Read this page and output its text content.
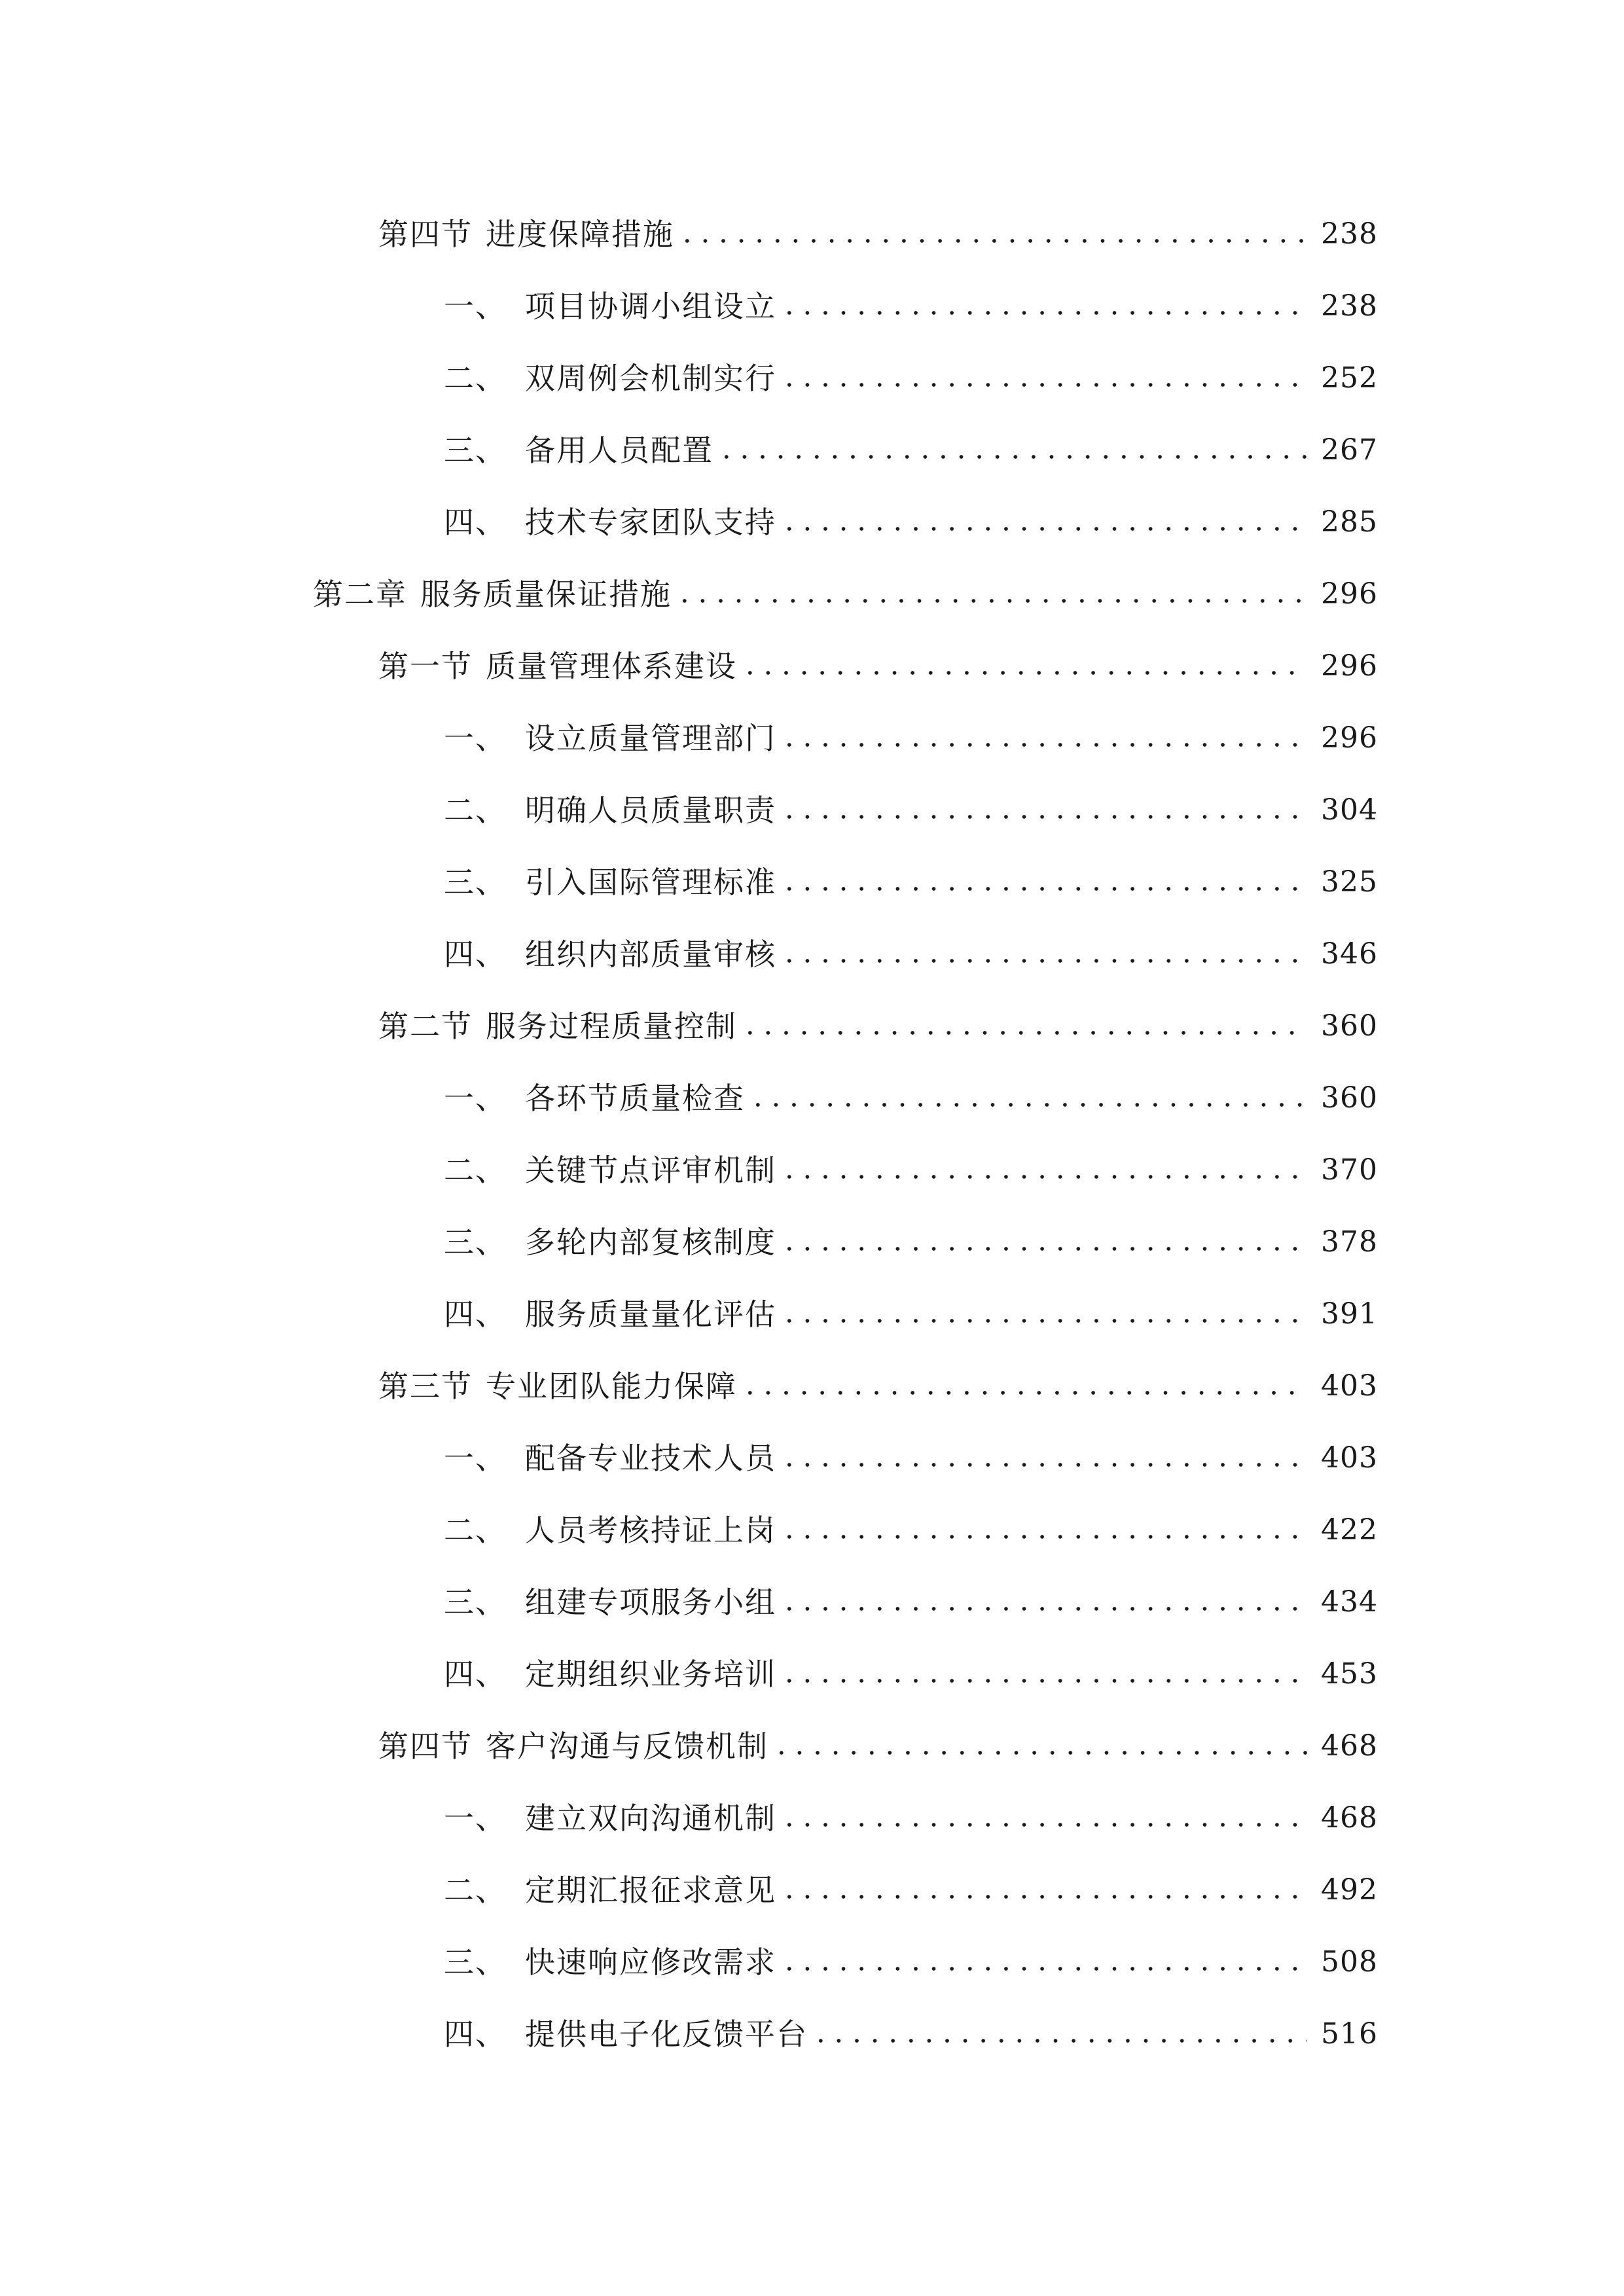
第四节 进度保障措施	238
一、 项目协调小组设立	238
二、 双周例会机制实行	252
三、 备用人员配置	267
四、 技术专家团队支持	285
第二章 服务质量保证措施	296
第一节 质量管理体系建设	296
一、 设立质量管理部门	296
二、 明确人员质量职责	304
三、 引入国际管理标准	325
四、 组织内部质量审核	346
第二节 服务过程质量控制	360
一、 各环节质量检查	360
二、 关键节点评审机制	370
三、 多轮内部复核制度	378
四、 服务质量量化评估	391
第三节 专业团队能力保障	403
一、 配备专业技术人员	403
二、 人员考核持证上岗	422
三、 组建专项服务小组	434
四、 定期组织业务培训	453
第四节 客户沟通与反馈机制	468
一、 建立双向沟通机制	468
二、 定期汇报征求意见	492
三、 快速响应修改需求	508
四、 提供电子化反馈平台	516
